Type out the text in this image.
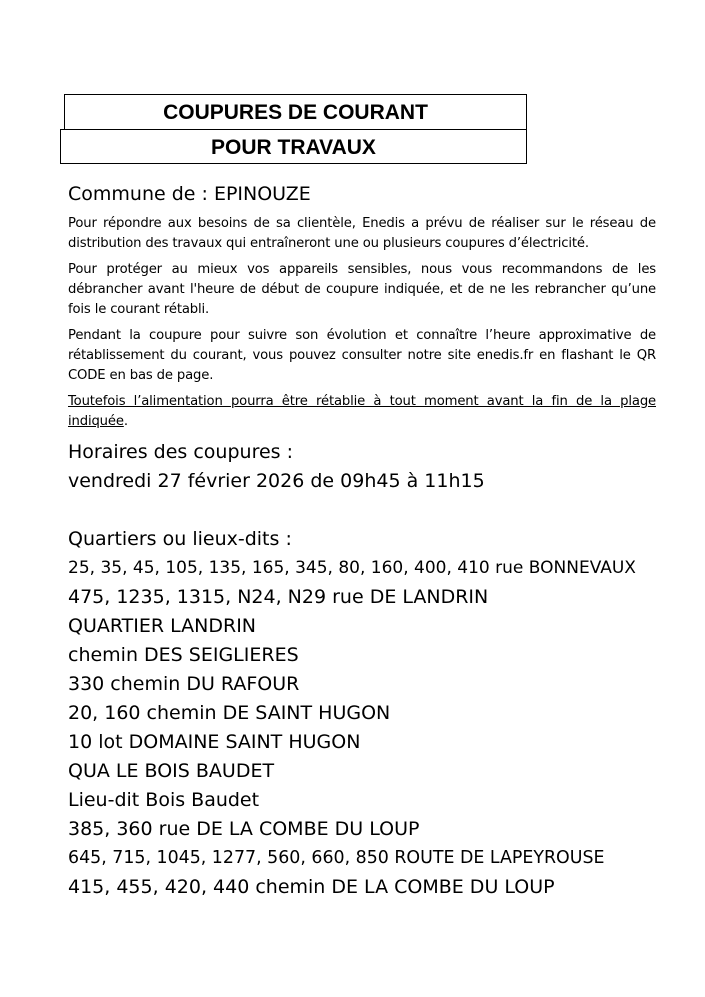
COUPURES DE COURANT
POUR TRAVAUX

Commune de : EPINOUZE

Pour répondre aux besoins de sa clientèle, Enedis a prévu de réaliser sur le réseau de distribution des travaux qui entraîneront une ou plusieurs coupures d’électricité.

Pour protéger au mieux vos appareils sensibles, nous vous recommandons de les débrancher avant l'heure de début de coupure indiquée, et de ne les rebrancher qu’une fois le courant rétabli.

Pendant la coupure pour suivre son évolution et connaître l’heure approximative de rétablissement du courant, vous pouvez consulter notre site enedis.fr en flashant le QR CODE en bas de page.

Toutefois l’alimentation pourra être rétablie à tout moment avant la fin de la plage indiquée.

Horaires des coupures :

vendredi 27 février 2026 de 09h45 à 11h15

Quartiers ou lieux-dits :

25, 35, 45, 105, 135, 165, 345, 80, 160, 400, 410 rue BONNEVAUX
475, 1235, 1315, N24, N29 rue DE LANDRIN
QUARTIER LANDRIN
chemin DES SEIGLIERES
330 chemin DU RAFOUR
20, 160 chemin DE SAINT HUGON
10 lot DOMAINE SAINT HUGON
QUA LE BOIS BAUDET
Lieu-dit Bois Baudet
385, 360 rue DE LA COMBE DU LOUP
645, 715, 1045, 1277, 560, 660, 850 ROUTE DE LAPEYROUSE
415, 455, 420, 440 chemin DE LA COMBE DU LOUP
